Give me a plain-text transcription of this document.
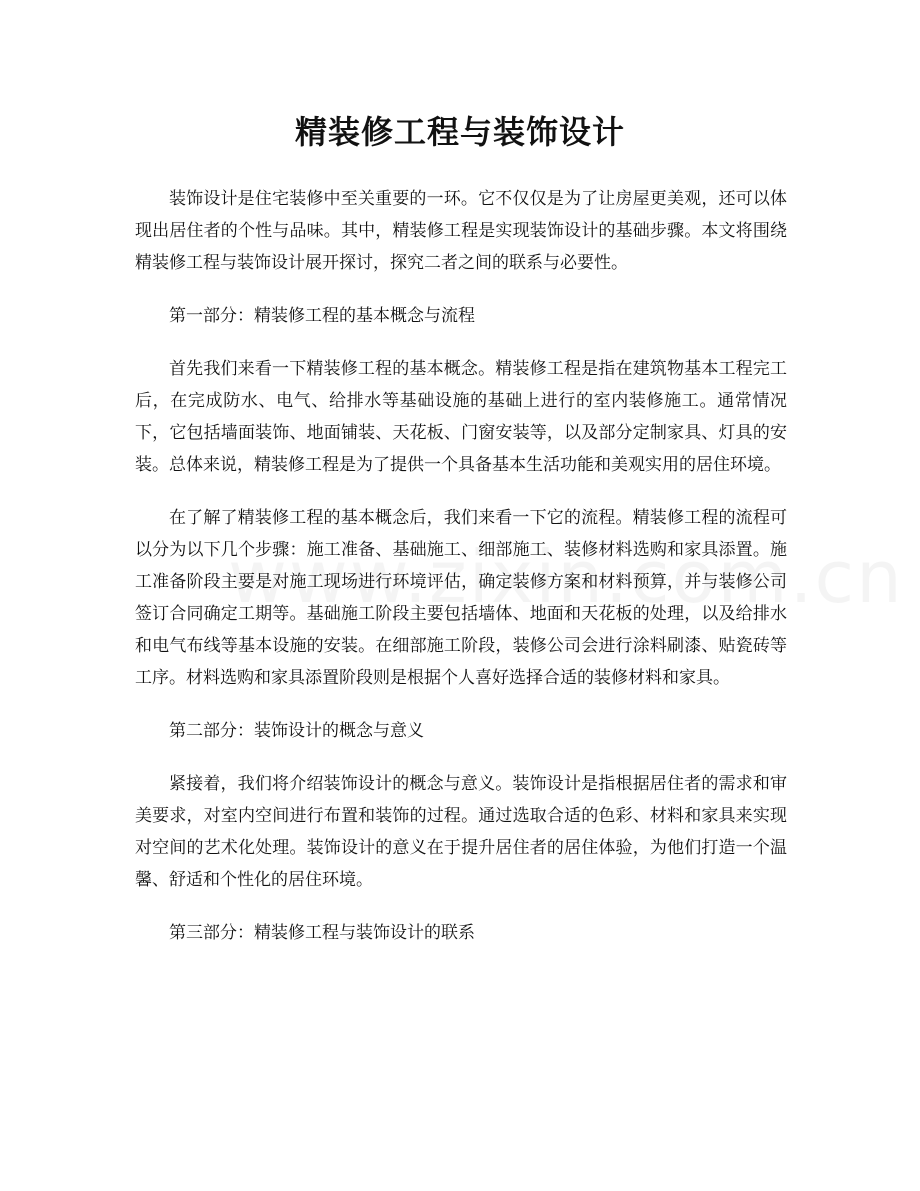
精装修工程与装饰设计

装饰设计是住宅装修中至关重要的一环。它不仅仅是为了让房屋更美观，还可以体现出居住者的个性与品味。其中，精装修工程是实现装饰设计的基础步骤。本文将围绕精装修工程与装饰设计展开探讨，探究二者之间的联系与必要性。

第一部分：精装修工程的基本概念与流程

首先我们来看一下精装修工程的基本概念。精装修工程是指在建筑物基本工程完工后，在完成防水、电气、给排水等基础设施的基础上进行的室内装修施工。通常情况下，它包括墙面装饰、地面铺装、天花板、门窗安装等，以及部分定制家具、灯具的安装。总体来说，精装修工程是为了提供一个具备基本生活功能和美观实用的居住环境。

在了解了精装修工程的基本概念后，我们来看一下它的流程。精装修工程的流程可以分为以下几个步骤：施工准备、基础施工、细部施工、装修材料选购和家具添置。施工准备阶段主要是对施工现场进行环境评估，确定装修方案和材料预算，并与装修公司签订合同确定工期等。基础施工阶段主要包括墙体、地面和天花板的处理，以及给排水和电气布线等基本设施的安装。在细部施工阶段，装修公司会进行涂料刷漆、贴瓷砖等工序。材料选购和家具添置阶段则是根据个人喜好选择合适的装修材料和家具。

第二部分：装饰设计的概念与意义

紧接着，我们将介绍装饰设计的概念与意义。装饰设计是指根据居住者的需求和审美要求，对室内空间进行布置和装饰的过程。通过选取合适的色彩、材料和家具来实现对空间的艺术化处理。装饰设计的意义在于提升居住者的居住体验，为他们打造一个温馨、舒适和个性化的居住环境。

第三部分：精装修工程与装饰设计的联系
